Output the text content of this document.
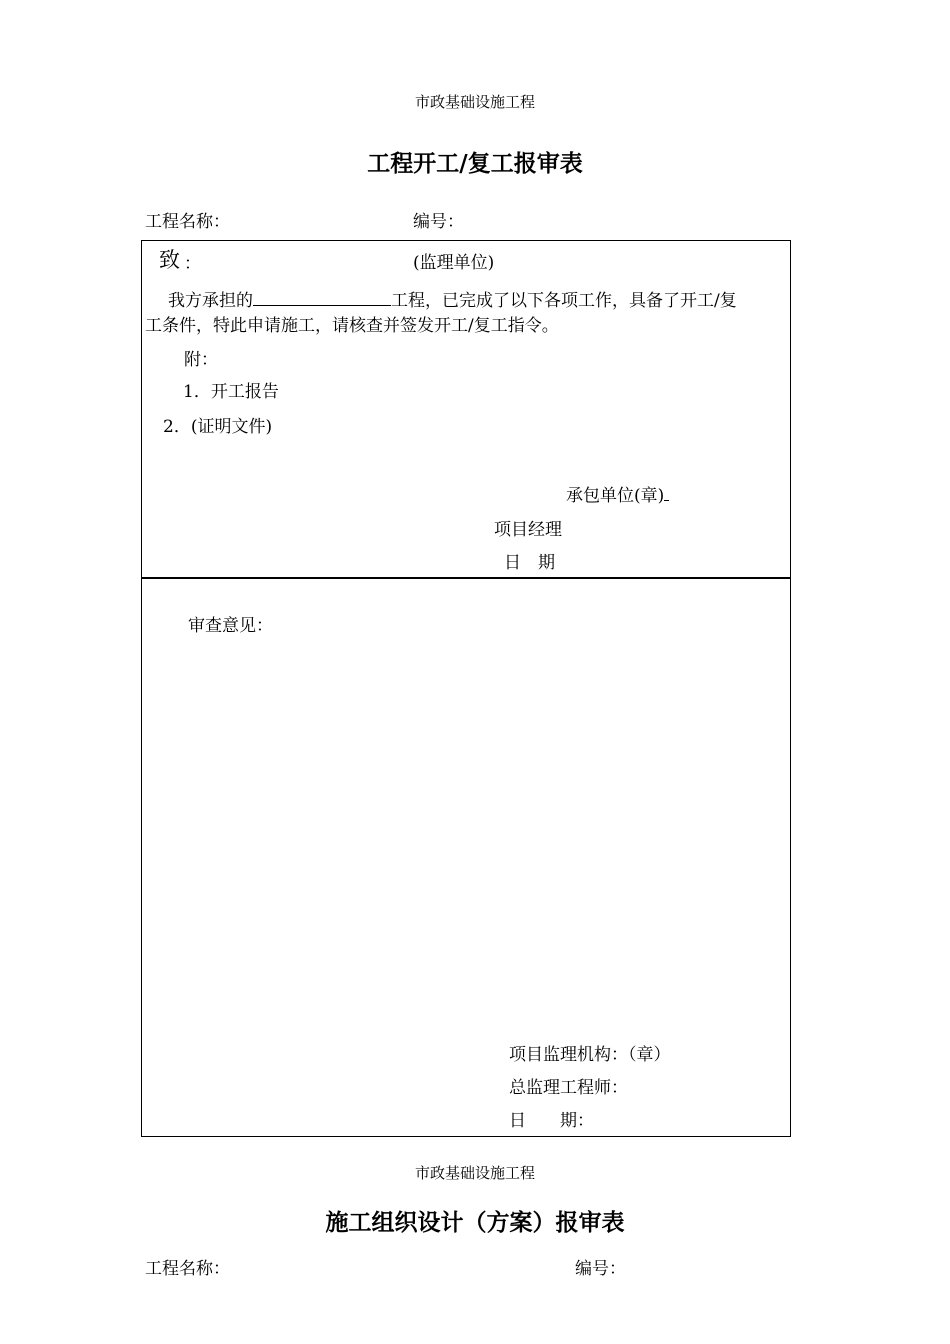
市政基础设施工程
工程开工/复工报审表
工程名称：	编号：
致 ：	(监理单位)
我方承担的	工程，已完成了以下各项工作，具备了开工/复
工条件，特此申请施工，请核查并签发开工/复工指令。
附：
1．开工报告
2．(证明文件)
承包单位(章)
项目经理
日　期
审查意见：
项目监理机构：（章）
总监理工程师：
日　　期：
市政基础设施工程
施工组织设计（方案）报审表
工程名称：	编号：
